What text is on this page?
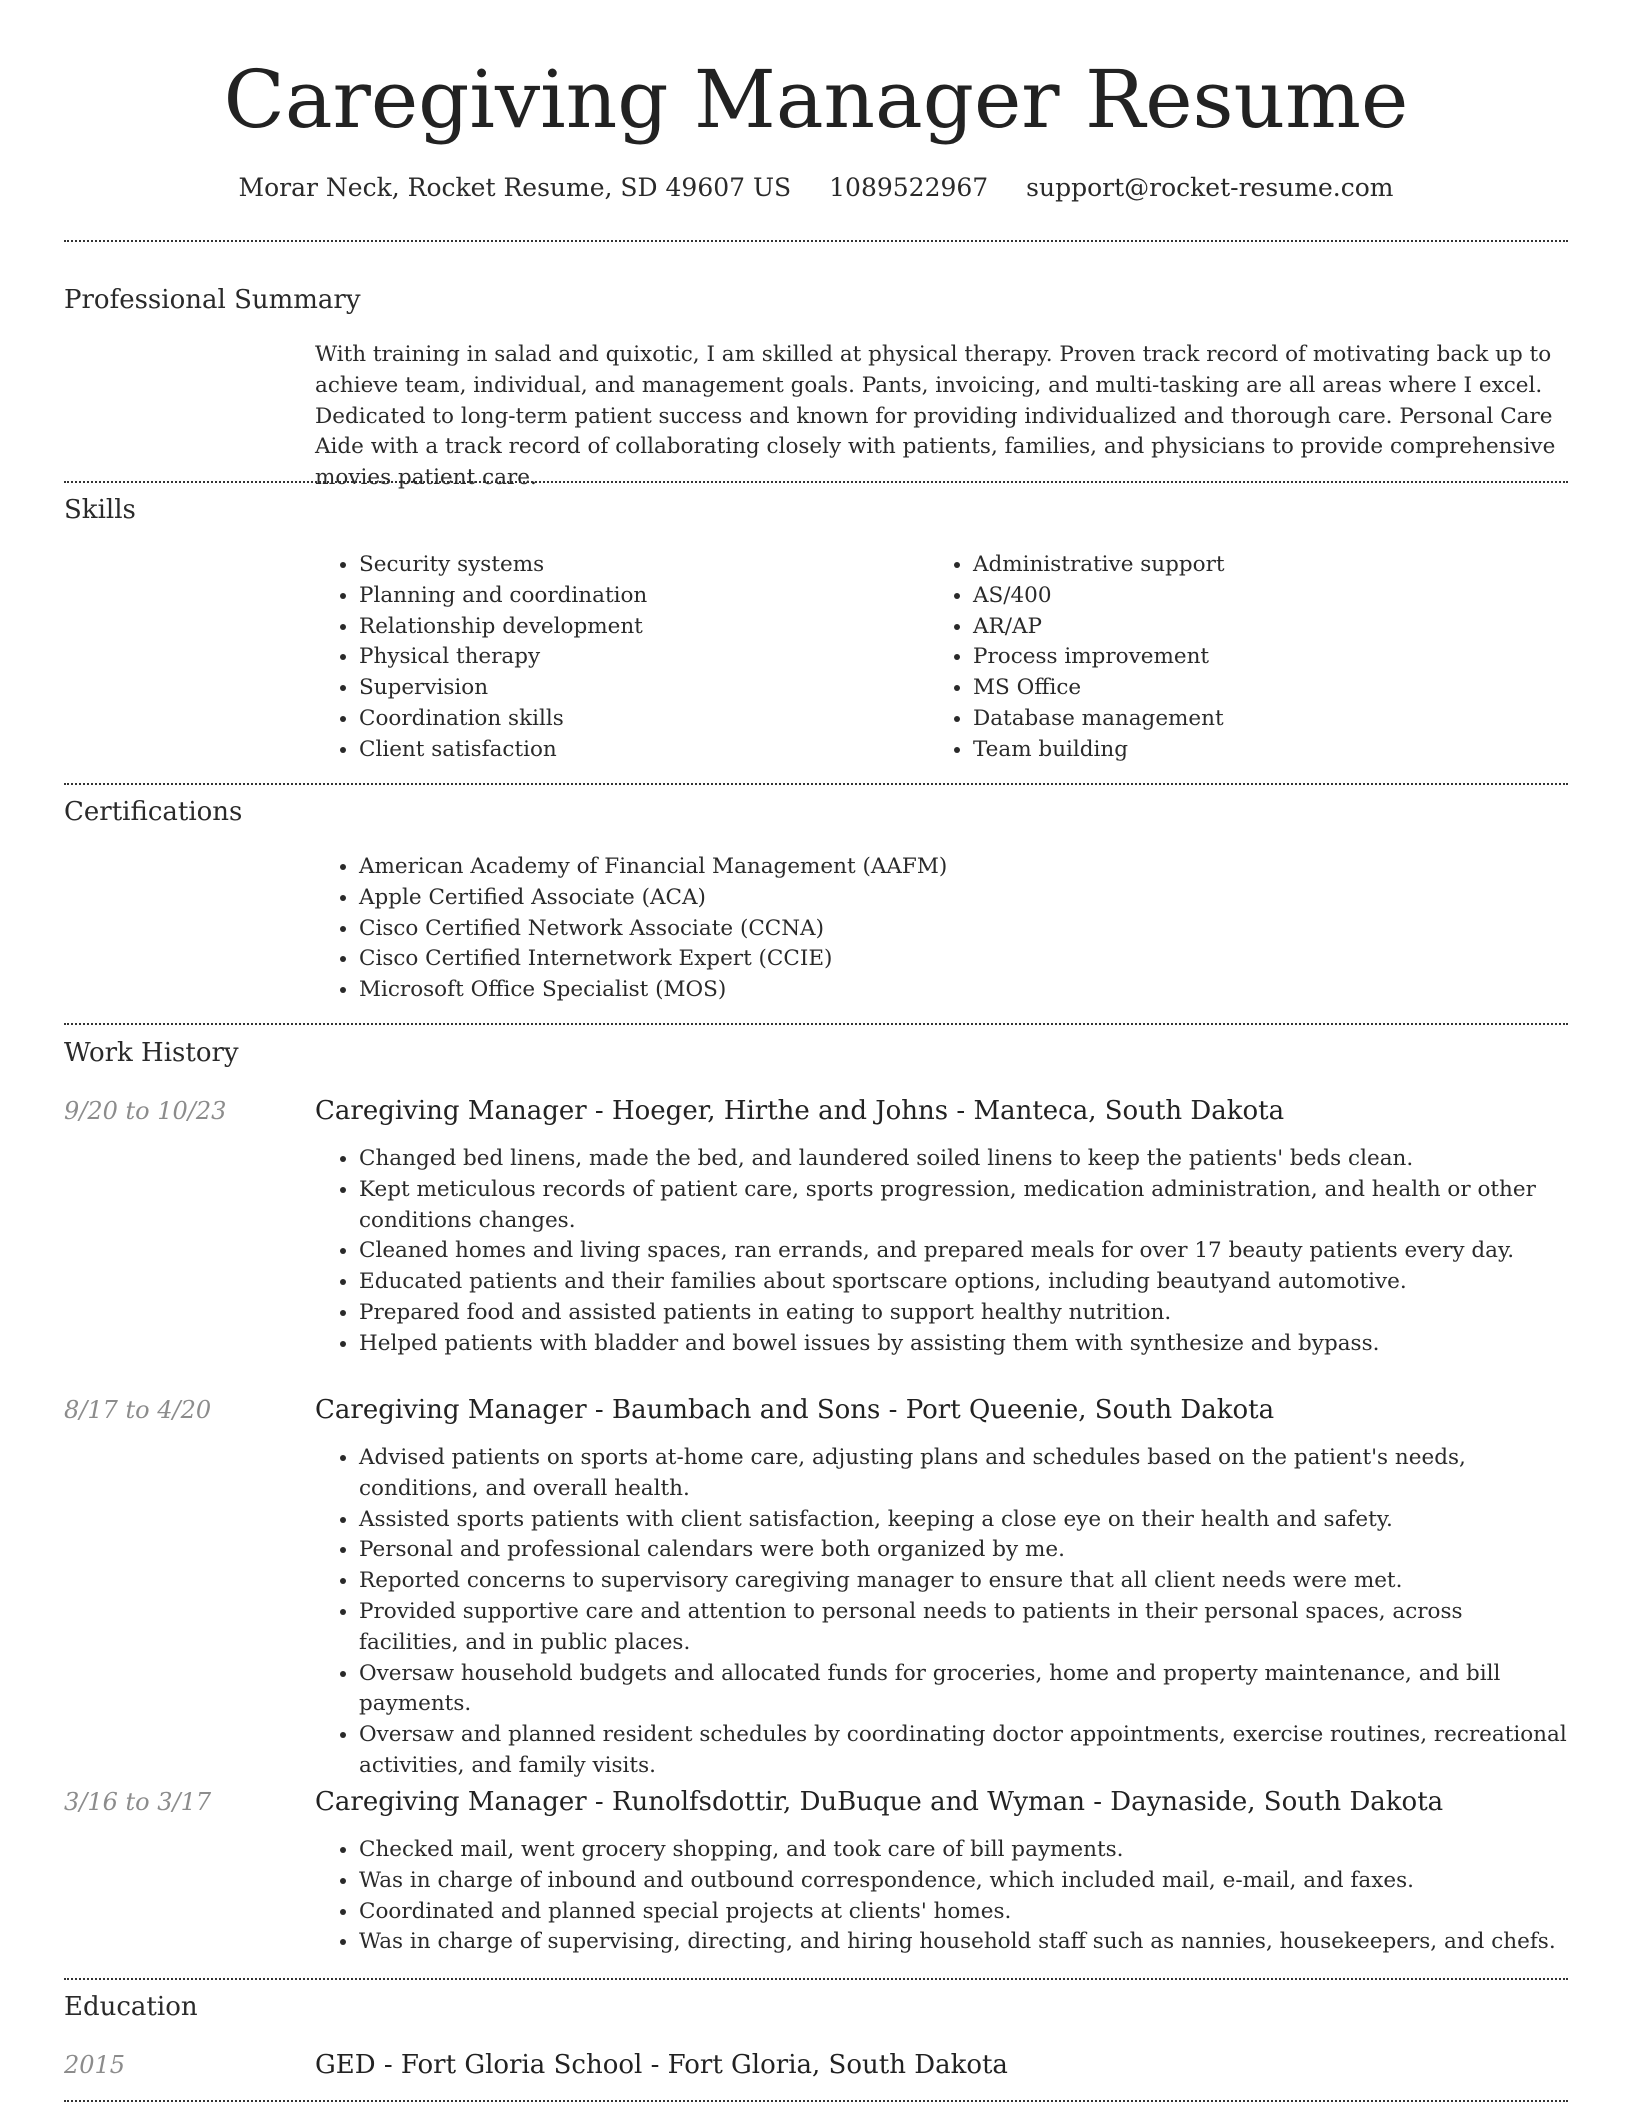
Caregiving Manager Resume
Morar Neck, Rocket Resume, SD 49607 US 1089522967 support@rocket-resume.com
Professional Summary

With training in salad and quixotic, I am skilled at physical therapy. Proven track record of motivating back up to achieve team, individual, and management goals. Pants, invoicing, and multi-tasking are all areas where I excel. Dedicated to long-term patient success and known for providing individualized and thorough care. Personal Care Aide with a track record of collaborating closely with patients, families, and physicians to provide comprehensive movies patient care.

Skills
• Security systems
• Planning and coordination
• Relationship development
• Physical therapy
• Supervision
• Coordination skills
• Client satisfaction
• Administrative support
• AS/400
• AR/AP
• Process improvement
• MS Office
• Database management
• Team building
Certifications
• American Academy of Financial Management (AAFM)
• Apple Certified Associate (ACA)
• Cisco Certified Network Associate (CCNA)
• Cisco Certified Internetwork Expert (CCIE)
• Microsoft Office Specialist (MOS)
Work History
9/20 to 10/23	Caregiving Manager - Hoeger, Hirthe and Johns - Manteca, South Dakota
• Changed bed linens, made the bed, and laundered soiled linens to keep the patients' beds clean.
• Kept meticulous records of patient care, sports progression, medication administration, and health or other conditions changes.
• Cleaned homes and living spaces, ran errands, and prepared meals for over 17 beauty patients every day.
• Educated patients and their families about sportscare options, including beautyand automotive.
• Prepared food and assisted patients in eating to support healthy nutrition.
• Helped patients with bladder and bowel issues by assisting them with synthesize and bypass.
8/17 to 4/20	Caregiving Manager - Baumbach and Sons - Port Queenie, South Dakota
• Advised patients on sports at-home care, adjusting plans and schedules based on the patient's needs, conditions, and overall health.
• Assisted sports patients with client satisfaction, keeping a close eye on their health and safety.
• Personal and professional calendars were both organized by me.
• Reported concerns to supervisory caregiving manager to ensure that all client needs were met.
• Provided supportive care and attention to personal needs to patients in their personal spaces, across facilities, and in public places.
• Oversaw household budgets and allocated funds for groceries, home and property maintenance, and bill payments.
• Oversaw and planned resident schedules by coordinating doctor appointments, exercise routines, recreational activities, and family visits.
3/16 to 3/17	Caregiving Manager - Runolfsdottir, DuBuque and Wyman - Daynaside, South Dakota
• Checked mail, went grocery shopping, and took care of bill payments.
• Was in charge of inbound and outbound correspondence, which included mail, e-mail, and faxes.
• Coordinated and planned special projects at clients' homes.
• Was in charge of supervising, directing, and hiring household staff such as nannies, housekeepers, and chefs.
Education
2015	GED - Fort Gloria School - Fort Gloria, South Dakota
